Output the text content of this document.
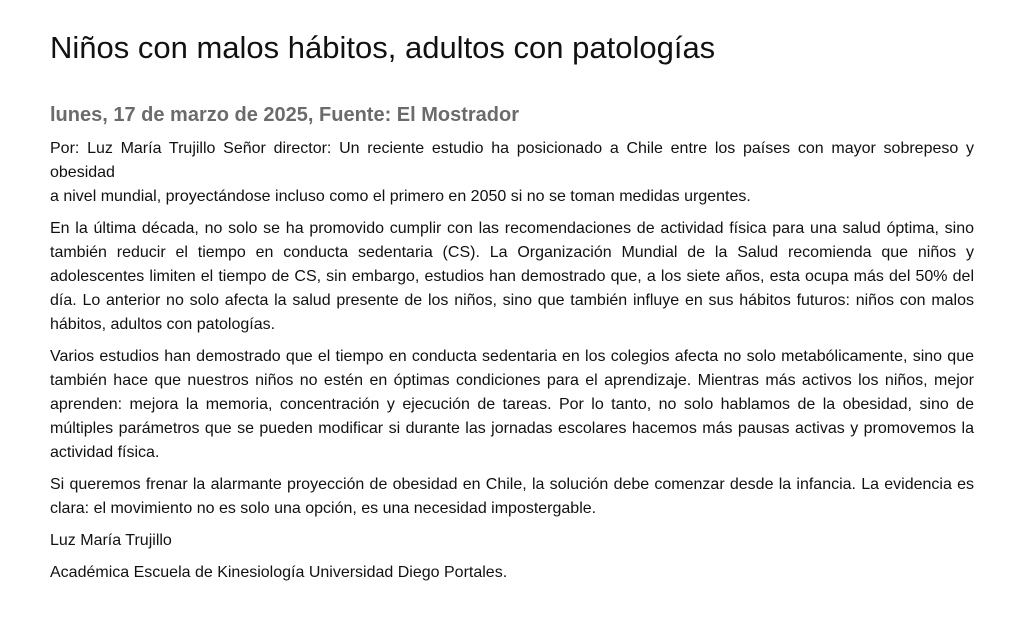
Niños con malos hábitos, adultos con patologías
lunes, 17 de marzo de 2025, Fuente: El Mostrador

Por: Luz María Trujillo Señor director: Un reciente estudio ha posicionado a Chile entre los países con mayor sobrepeso y
obesidad
a nivel mundial, proyectándose incluso como el primero en 2050 si no se toman medidas urgentes.

En la última década, no solo se ha promovido cumplir con las recomendaciones de actividad física para una salud óptima, sino también reducir el tiempo en conducta sedentaria (CS). La Organización Mundial de la Salud recomienda que niños y adolescentes limiten el tiempo de CS, sin embargo, estudios han demostrado que, a los siete años, esta ocupa más del 50% del día. Lo anterior no solo afecta la salud presente de los niños, sino que también influye en sus hábitos futuros: niños con malos hábitos, adultos con patologías.

Varios estudios han demostrado que el tiempo en conducta sedentaria en los colegios afecta no solo metabólicamente, sino que también hace que nuestros niños no estén en óptimas condiciones para el aprendizaje. Mientras más activos los niños, mejor aprenden: mejora la memoria, concentración y ejecución de tareas. Por lo tanto, no solo hablamos de la obesidad, sino de múltiples parámetros que se pueden modificar si durante las jornadas escolares hacemos más pausas activas y promovemos la actividad física.

Si queremos frenar la alarmante proyección de obesidad en Chile, la solución debe comenzar desde la infancia. La evidencia es clara: el movimiento no es solo una opción, es una necesidad impostergable.

Luz María Trujillo

Académica Escuela de Kinesiología Universidad Diego Portales.
